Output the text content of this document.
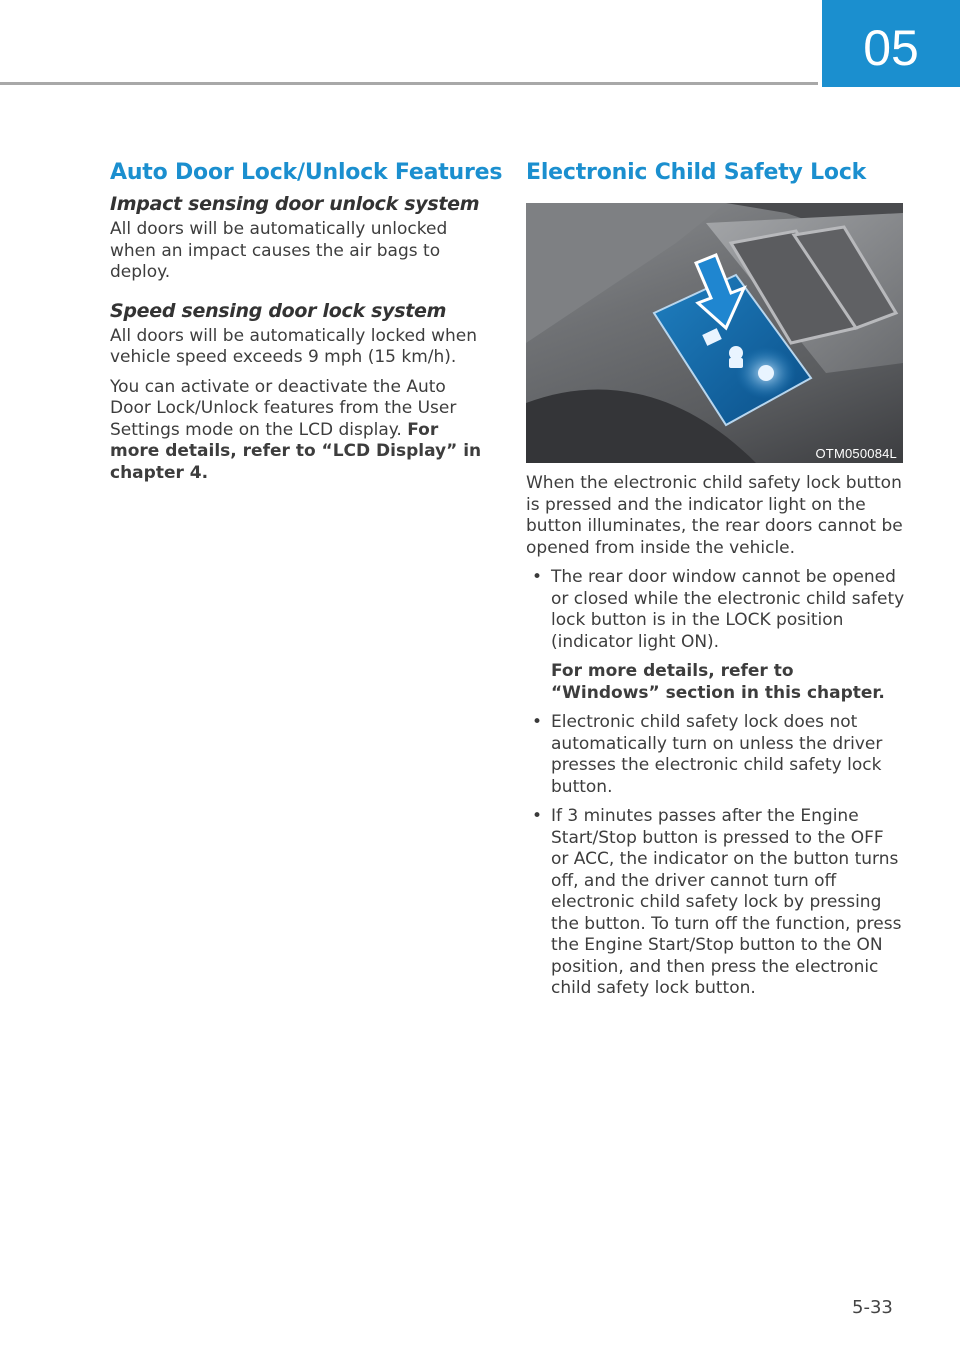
05
Auto Door Lock/Unlock Features
Impact sensing door unlock system

All doors will be automatically unlocked when an impact causes the air bags to deploy.

Speed sensing door lock system

All doors will be automatically locked when vehicle speed exceeds 9 mph (15 km/h).

You can activate or deactivate the Auto Door Lock/Unlock features from the User Settings mode on the LCD display. For more details, refer to “LCD Display” in chapter 4.

Electronic Child Safety Lock
OTM050084L

When the electronic child safety lock button is pressed and the indicator light on the button illuminates, the rear doors cannot be opened from inside the vehicle.

• The rear door window cannot be opened or closed while the electronic child safety lock button is in the LOCK position (indicator light ON).

For more details, refer to “Windows” section in this chapter.

• Electronic child safety lock does not automatically turn on unless the driver presses the electronic child safety lock button.

• If 3 minutes passes after the Engine Start/Stop button is pressed to the OFF or ACC, the indicator on the button turns off, and the driver cannot turn off electronic child safety lock by pressing the button. To turn off the function, press the Engine Start/Stop button to the ON position, and then press the electronic child safety lock button.

5-33
